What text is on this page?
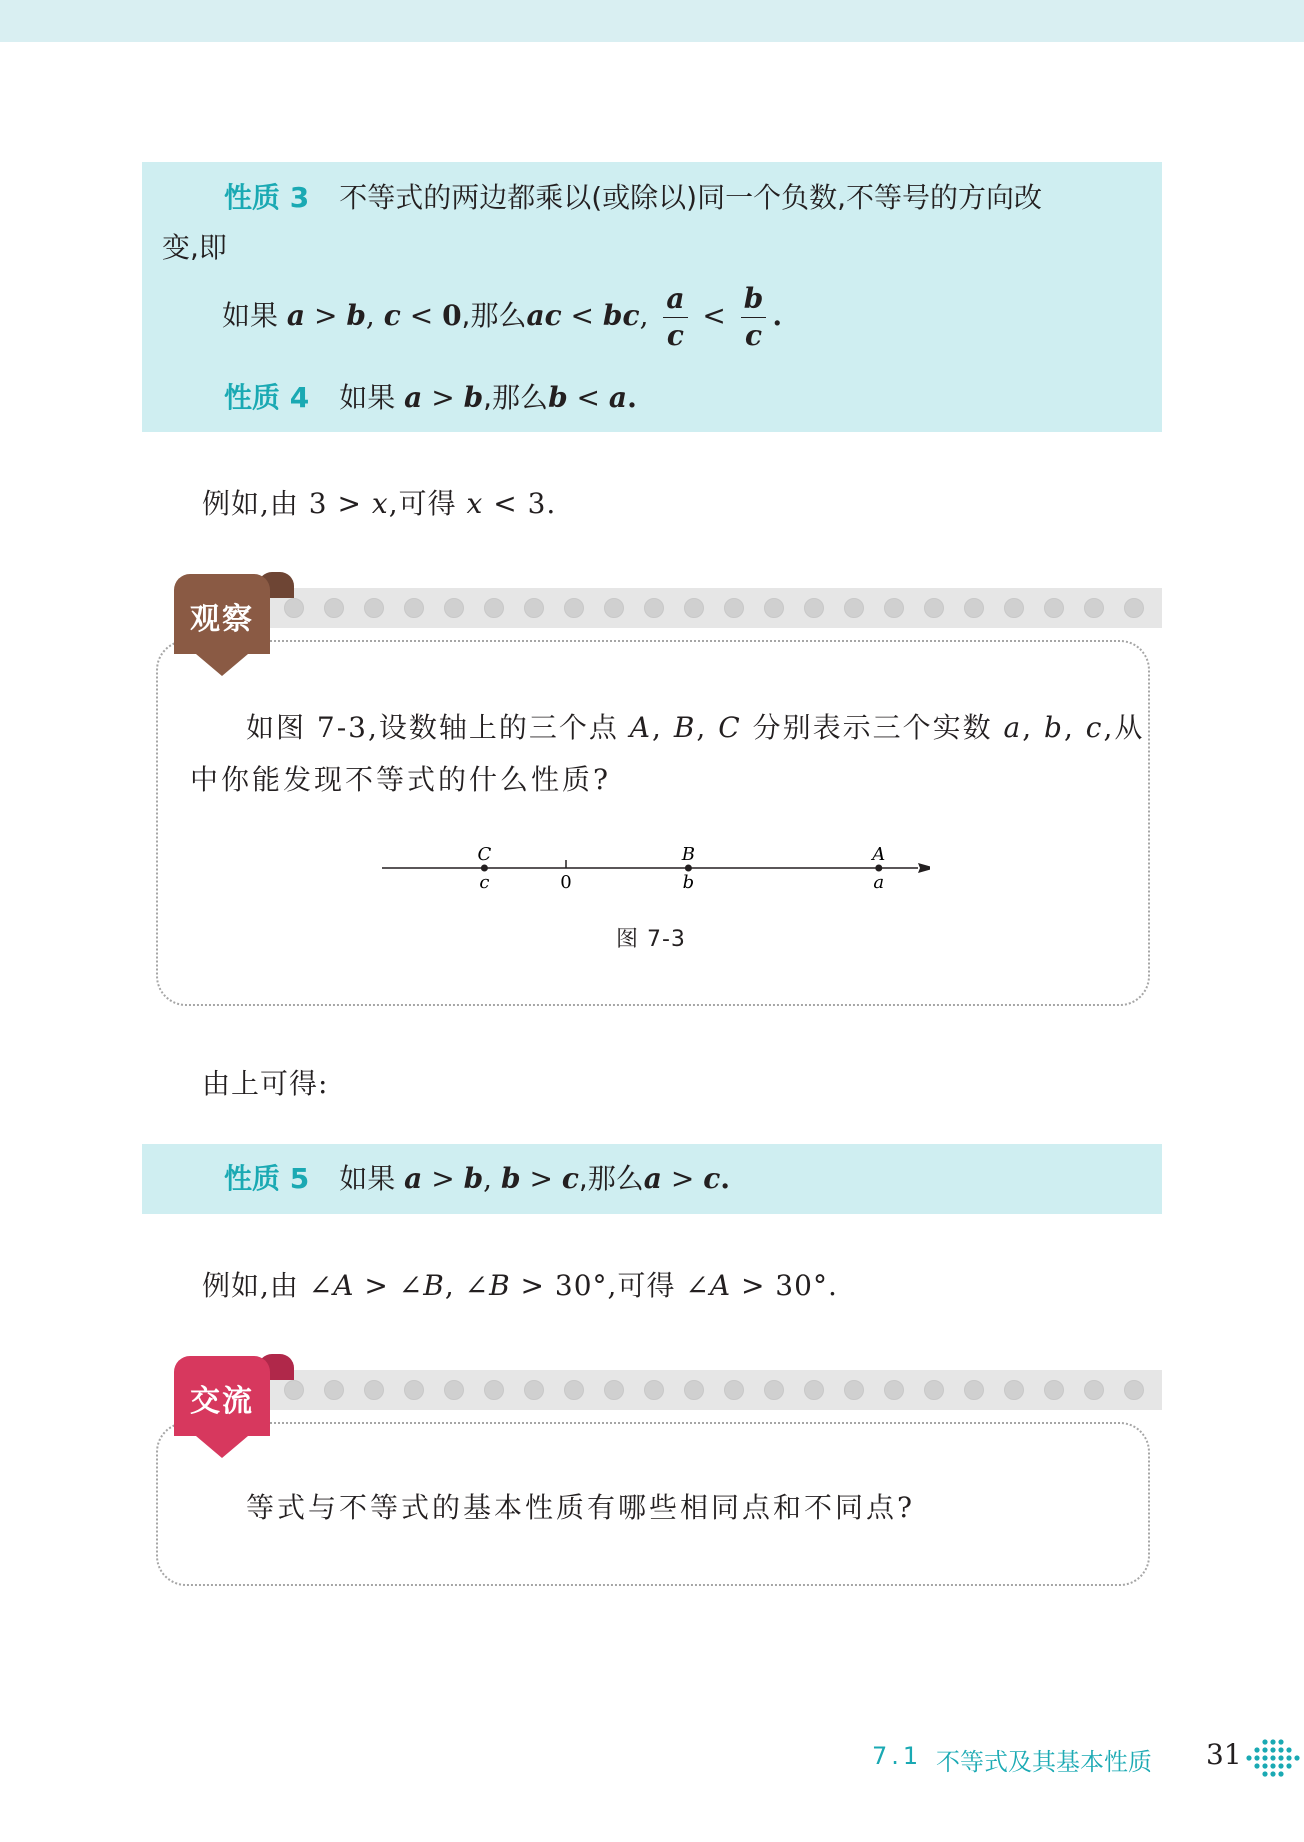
性质 3 不等式的两边都乘以(或除以)同一个负数,不等号的方向改
变,即
如果 a > b, c < 0,那么ac < bc, $\frac{a}{c} < \frac{b}{c}$ .
性质 4 如果 a > b,那么b < a.
例如,由 3 > x,可得 x < 3.
观察
如图 7-3,设数轴上的三个点 A, B, C 分别表示三个实数 a, b, c,从
中你能发现不等式的什么性质?
0
C
c
B
b
A
a
图 7-3
由上可得:
性质 5 如果 a > b, b > c,那么a > c.
例如,由 ∠A > ∠B, ∠B > 30°,可得 ∠A > 30°.
交流
等式与不等式的基本性质有哪些相同点和不同点?
7.1 不等式及其基本性质 31
